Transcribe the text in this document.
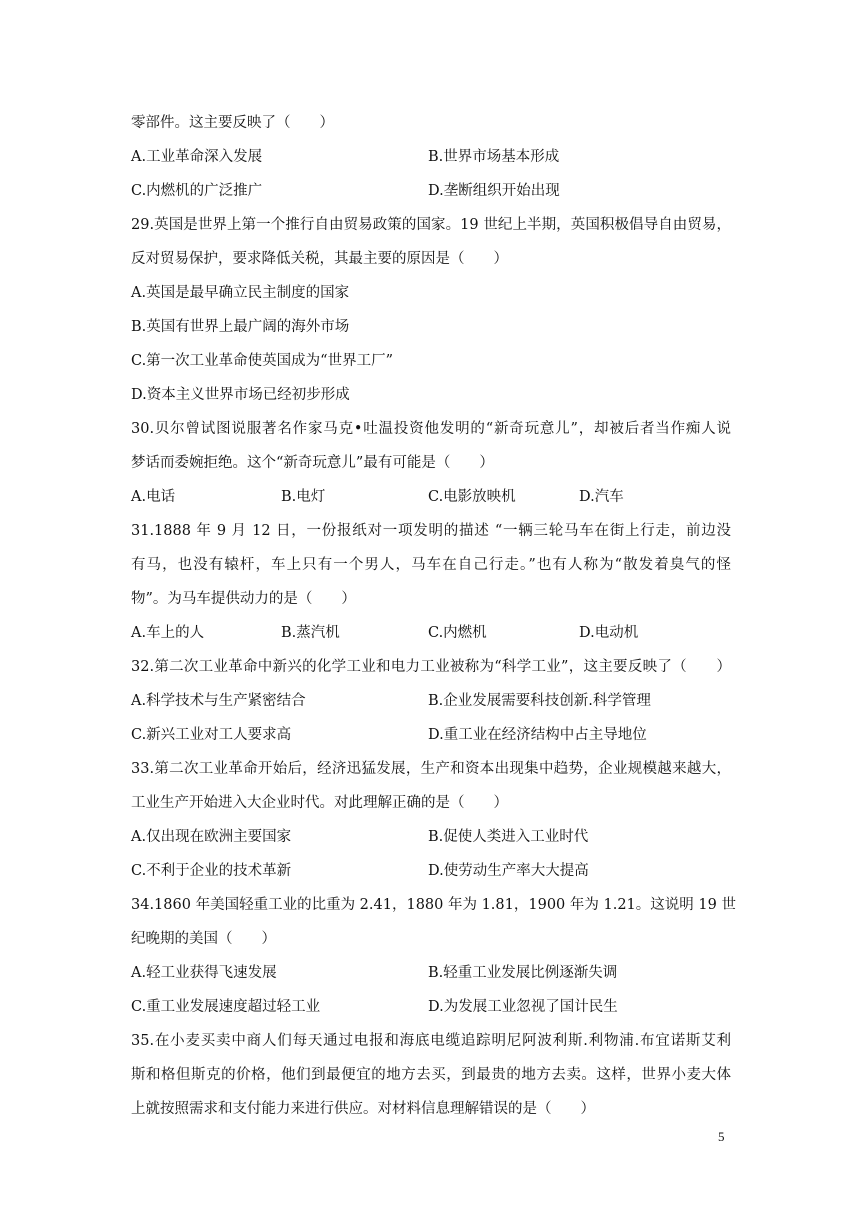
零部件。这主要反映了（　　）
A.工业革命深入发展	B.世界市场基本形成
C.内燃机的广泛推广	D.垄断组织开始出现
29.英国是世界上第一个推行自由贸易政策的国家。19 世纪上半期，英国积极倡导自由贸易，
反对贸易保护，要求降低关税，其最主要的原因是（　　）
A.英国是最早确立民主制度的国家
B.英国有世界上最广阔的海外市场
C.第一次工业革命使英国成为“世界工厂”
D.资本主义世界市场已经初步形成
30.贝尔曾试图说服著名作家马克•吐温投资他发明的“新奇玩意儿”，却被后者当作痴人说
梦话而委婉拒绝。这个“新奇玩意儿”最有可能是（　　）
A.电话	B.电灯	C.电影放映机	D.汽车
31.1888 年 9 月 12 日，一份报纸对一项发明的描述 “一辆三轮马车在街上行走，前边没
有马，也没有辕杆，车上只有一个男人，马车在自己行走。”也有人称为“散发着臭气的怪
物”。为马车提供动力的是（　　）
A.车上的人	B.蒸汽机	C.内燃机	D.电动机
32.第二次工业革命中新兴的化学工业和电力工业被称为“科学工业”，这主要反映了（　　）
A.科学技术与生产紧密结合	B.企业发展需要科技创新.科学管理
C.新兴工业对工人要求高	D.重工业在经济结构中占主导地位
33.第二次工业革命开始后，经济迅猛发展，生产和资本出现集中趋势，企业规模越来越大，
工业生产开始进入大企业时代。对此理解正确的是（　　）
A.仅出现在欧洲主要国家	B.促使人类进入工业时代
C.不利于企业的技术革新	D.使劳动生产率大大提高
34.1860 年美国轻重工业的比重为 2.41，1880 年为 1.81，1900 年为 1.21。这说明 19 世
纪晚期的美国（　　）
A.轻工业获得飞速发展	B.轻重工业发展比例逐渐失调
C.重工业发展速度超过轻工业	D.为发展工业忽视了国计民生
35.在小麦买卖中商人们每天通过电报和海底电缆追踪明尼阿波利斯.利物浦.布宜诺斯艾利
斯和格但斯克的价格，他们到最便宜的地方去买，到最贵的地方去卖。这样，世界小麦大体
上就按照需求和支付能力来进行供应。对材料信息理解错误的是（　　）
5
